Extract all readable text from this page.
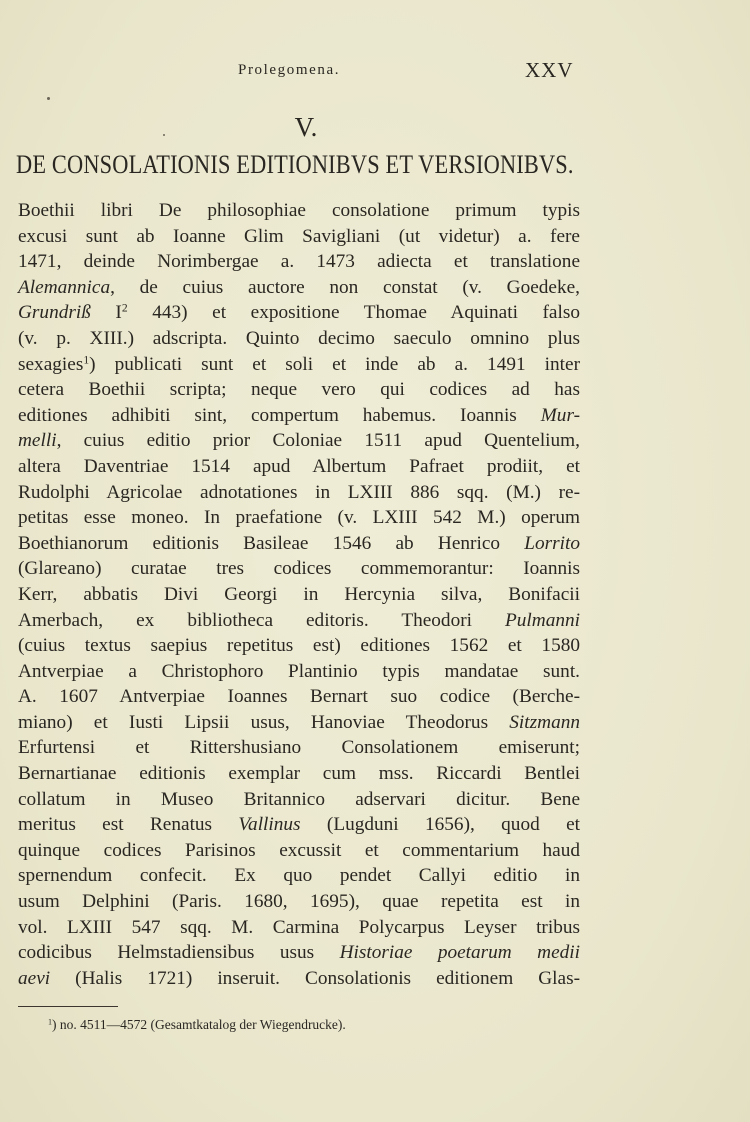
Prolegomena.	XXV
V.
DE CONSOLATIONIS EDITIONIBVS ET VERSIONIBVS.
Boethii libri De philosophiae consolatione primum typis
excusi sunt ab Ioanne Glim Savigliani (ut videtur) a. fere
1471, deinde Norimbergae a. 1473 adiecta et translatione
Alemannica, de cuius auctore non constat (v. Goedeke,
Grundriß $I^2$ 443) et expositione Thomae Aquinati falso
(v. p. XIII.) adscripta. Quinto decimo saeculo omnino plus
sexagies$^1$) publicati sunt et soli et inde ab a. 1491 inter
cetera Boethii scripta; neque vero qui codices ad has
editiones adhibiti sint, compertum habemus. Ioannis Mur-
melli, cuius editio prior Coloniae 1511 apud Quentelium,
altera Daventriae 1514 apud Albertum Pafraet prodiit, et
Rudolphi Agricolae adnotationes in LXIII 886 sqq. (M.) re-
petitas esse moneo. In praefatione (v. LXIII 542 M.) operum
Boethianorum editionis Basileae 1546 ab Henrico Lorrito
(Glareano) curatae tres codices commemorantur: Ioannis
Kerr, abbatis Divi Georgi in Hercynia silva, Bonifacii
Amerbach, ex bibliotheca editoris. Theodori Pulmanni
(cuius textus saepius repetitus est) editiones 1562 et 1580
Antverpiae a Christophoro Plantinio typis mandatae sunt.
A. 1607 Antverpiae Ioannes Bernart suo codice (Berche-
miano) et Iusti Lipsii usus, Hanoviae Theodorus Sitzmann
Erfurtensi et Rittershusiano Consolationem emiserunt;
Bernartianae editionis exemplar cum mss. Riccardi Bentlei
collatum in Museo Britannico adservari dicitur. Bene
meritus est Renatus Vallinus (Lugduni 1656), quod et
quinque codices Parisinos excussit et commentarium haud
spernendum confecit. Ex quo pendet Callyi editio in
usum Delphini (Paris. 1680, 1695), quae repetita est in
vol. LXIII 547 sqq. M. Carmina Polycarpus Leyser tribus
codicibus Helmstadiensibus usus Historiae poetarum medii
aevi (Halis 1721) inseruit. Consolationis editionem Glas-
$^1$) no. 4511—4572 (Gesamtkatalog der Wiegendrucke).
